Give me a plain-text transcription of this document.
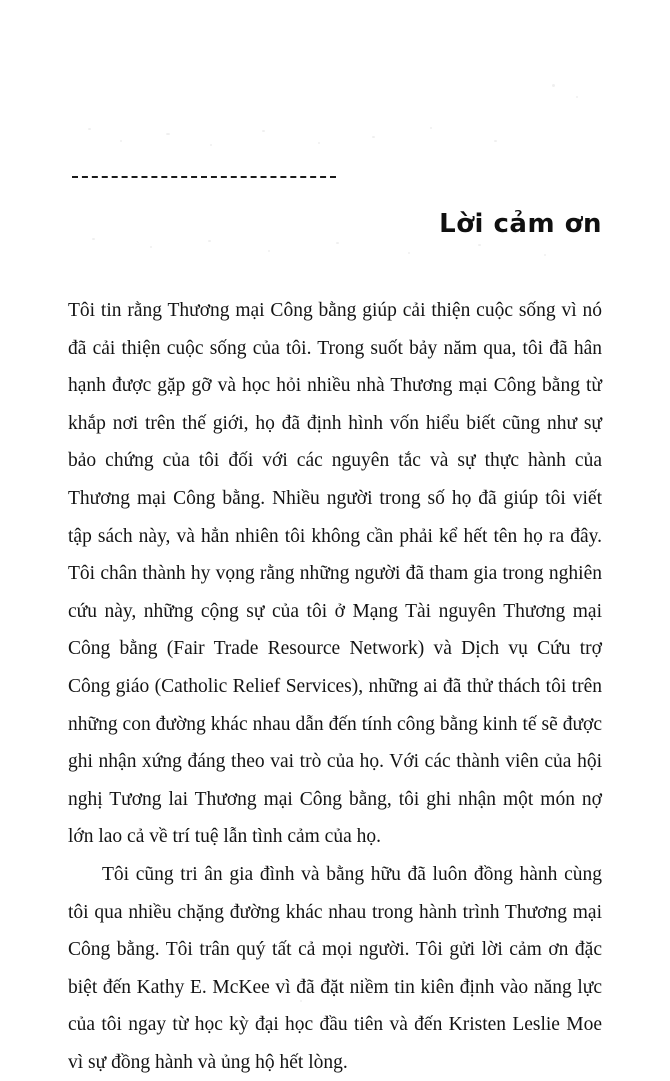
Lời cảm ơn

Tôi tin rằng Thương mại Công bằng giúp cải thiện cuộc sống vì nó đã cải thiện cuộc sống của tôi. Trong suốt bảy năm qua, tôi đã hân hạnh được gặp gỡ và học hỏi nhiều nhà Thương mại Công bằng từ khắp nơi trên thế giới, họ đã định hình vốn hiểu biết cũng như sự bảo chứng của tôi đối với các nguyên tắc và sự thực hành của Thương mại Công bằng. Nhiều người trong số họ đã giúp tôi viết tập sách này, và hẳn nhiên tôi không cần phải kể hết tên họ ra đây. Tôi chân thành hy vọng rằng những người đã tham gia trong nghiên cứu này, những cộng sự của tôi ở Mạng Tài nguyên Thương mại Công bằng (Fair Trade Resource Network) và Dịch vụ Cứu trợ Công giáo (Catholic Relief Services), những ai đã thử thách tôi trên những con đường khác nhau dẫn đến tính công bằng kinh tế sẽ được ghi nhận xứng đáng theo vai trò của họ. Với các thành viên của hội nghị Tương lai Thương mại Công bằng, tôi ghi nhận một món nợ lớn lao cả về trí tuệ lẫn tình cảm của họ.

Tôi cũng tri ân gia đình và bằng hữu đã luôn đồng hành cùng tôi qua nhiều chặng đường khác nhau trong hành trình Thương mại Công bằng. Tôi trân quý tất cả mọi người. Tôi gửi lời cảm ơn đặc biệt đến Kathy E. McKee vì đã đặt niềm tin kiên định vào năng lực của tôi ngay từ học kỳ đại học đầu tiên và đến Kristen Leslie Moe vì sự đồng hành và ủng hộ hết lòng.
